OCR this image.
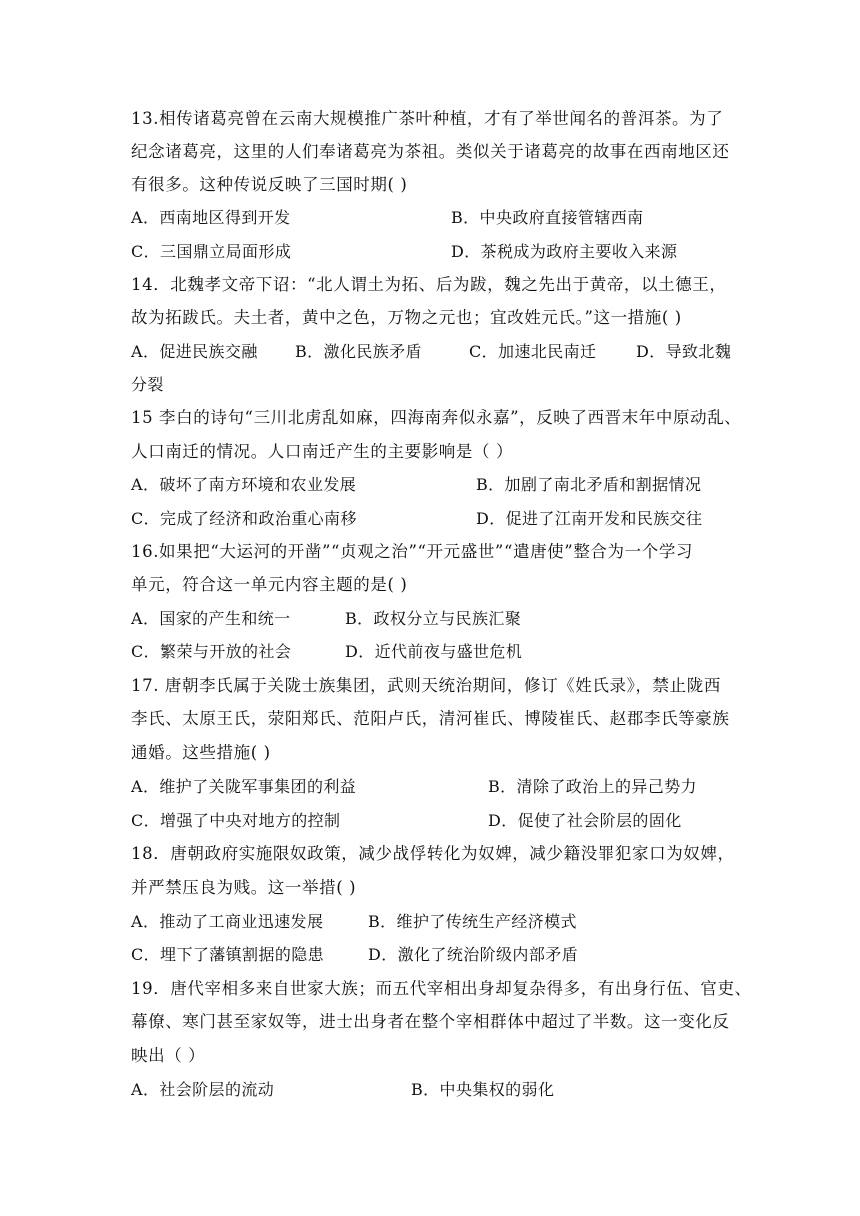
13.相传诸葛亮曾在云南大规模推广茶叶种植，才有了举世闻名的普洱茶。为了
纪念诸葛亮，这里的人们奉诸葛亮为茶祖。类似关于诸葛亮的故事在西南地区还
有很多。这种传说反映了三国时期( )
A．西南地区得到开发	B．中央政府直接管辖西南
C．三国鼎立局面形成	D．茶税成为政府主要收入来源
14．北魏孝文帝下诏：“北人谓土为拓、后为跋，魏之先出于黄帝，以土德王，
故为拓跋氏。夫土者，黄中之色，万物之元也；宜改姓元氏。”这一措施( )
A．促进民族交融 B．激化民族矛盾	C．加速北民南迁 D．导致北魏
分裂
15 李白的诗句“三川北虏乱如麻，四海南奔似永嘉”，反映了西晋末年中原动乱、
人口南迁的情况。人口南迁产生的主要影响是（ ）
A．破坏了南方环境和农业发展	B．加剧了南北矛盾和割据情况
C．完成了经济和政治重心南移	D．促进了江南开发和民族交往
16.如果把“大运河的开凿”“贞观之治”“开元盛世”“遣唐使”整合为一个学习
单元，符合这一单元内容主题的是( )
A．国家的产生和统一	B．政权分立与民族汇聚
C．繁荣与开放的社会	D．近代前夜与盛世危机
17. 唐朝李氏属于关陇士族集团，武则天统治期间，修订《姓氏录》，禁止陇西
李氏、太原王氏，荥阳郑氏、范阳卢氏，清河崔氏、博陵崔氏、赵郡李氏等豪族
通婚。这些措施( )
A．维护了关陇军事集团的利益	B．清除了政治上的异己势力
C．增强了中央对地方的控制	D．促使了社会阶层的固化
18．唐朝政府实施限奴政策，减少战俘转化为奴婢，减少籍没罪犯家口为奴婢，
并严禁压良为贱。这一举措( )
A．推动了工商业迅速发展	B．维护了传统生产经济模式
C．埋下了藩镇割据的隐患	D．激化了统治阶级内部矛盾
19．唐代宰相多来自世家大族；而五代宰相出身却复杂得多，有出身行伍、官吏、
幕僚、寒门甚至家奴等，进士出身者在整个宰相群体中超过了半数。这一变化反
映出（ ）
A．社会阶层的流动	B．中央集权的弱化
